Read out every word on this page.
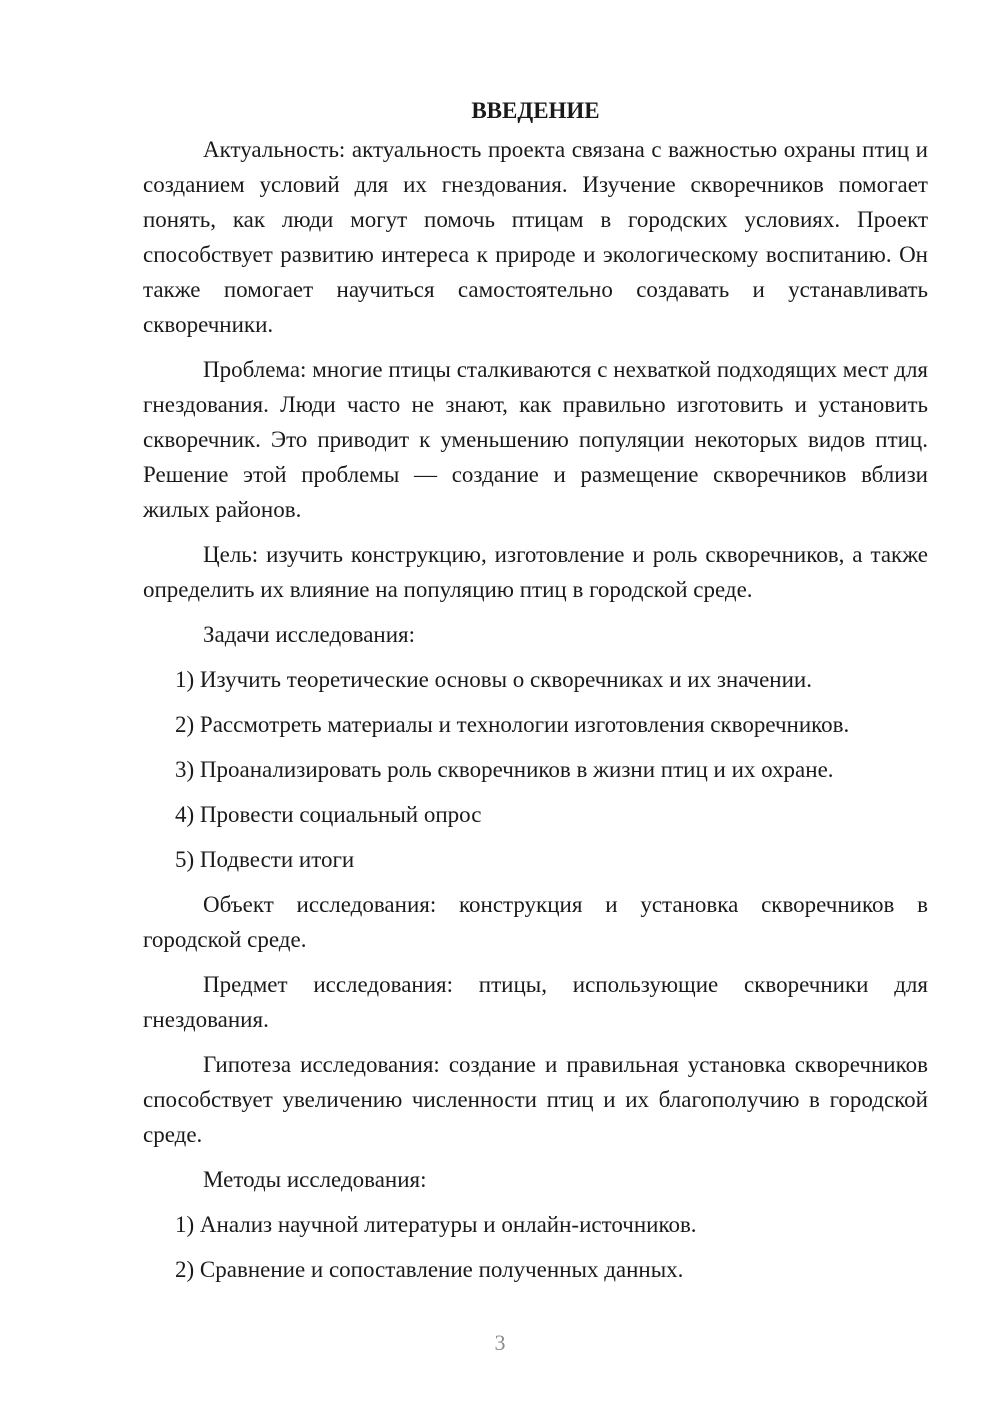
ВВЕДЕНИЕ

Актуальность: актуальность проекта связана с важностью охраны птиц и созданием условий для их гнездования. Изучение скворечников помогает понять, как люди могут помочь птицам в городских условиях. Проект способствует развитию интереса к природе и экологическому воспитанию. Он также помогает научиться самостоятельно создавать и устанавливать скворечники.

Проблема: многие птицы сталкиваются с нехваткой подходящих мест для гнездования. Люди часто не знают, как правильно изготовить и установить скворечник. Это приводит к уменьшению популяции некоторых видов птиц. Решение этой проблемы — создание и размещение скворечников вблизи жилых районов.

Цель: изучить конструкцию, изготовление и роль скворечников, а также определить их влияние на популяцию птиц в городской среде.

Задачи исследования:

1) Изучить теоретические основы о скворечниках и их значении.
2) Рассмотреть материалы и технологии изготовления скворечников.
3) Проанализировать роль скворечников в жизни птиц и их охране.
4) Провести социальный опрос
5) Подвести итоги

Объект исследования: конструкция и установка скворечников в городской среде.

Предмет исследования: птицы, использующие скворечники для гнездования.

Гипотеза исследования: создание и правильная установка скворечников способствует увеличению численности птиц и их благополучию в городской среде.

Методы исследования:

1) Анализ научной литературы и онлайн-источников.
2) Сравнение и сопоставление полученных данных.
3
